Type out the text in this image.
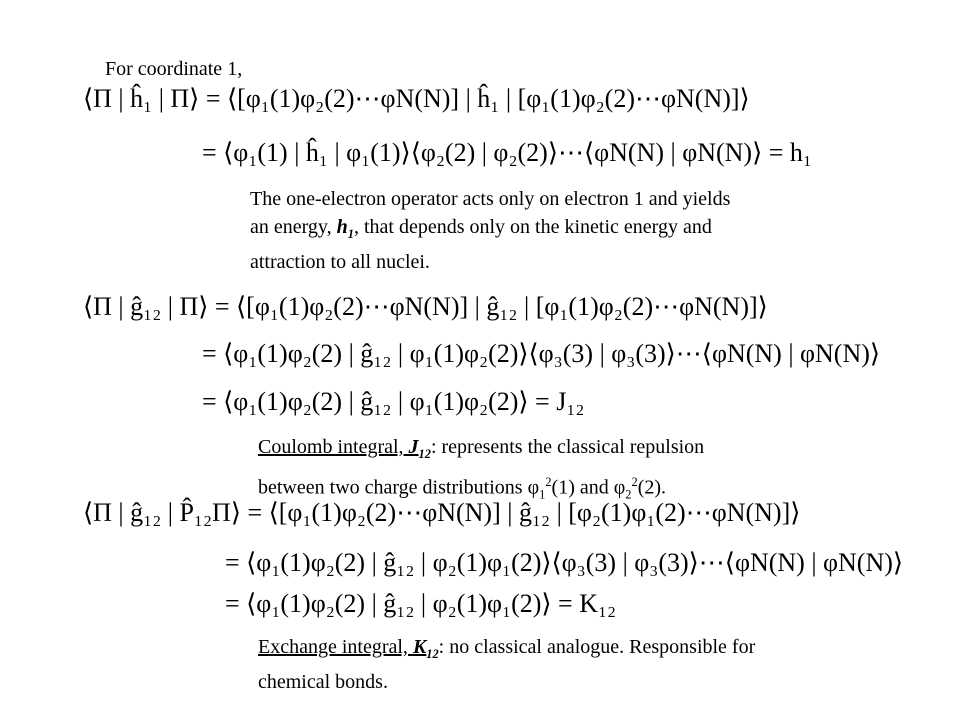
For coordinate 1,
⟨Π | ĥ₁ | Π⟩ = ⟨[φ₁(1)φ₂(2)⋯φN(N)] | ĥ₁ | [φ₁(1)φ₂(2)⋯φN(N)]⟩
= ⟨φ₁(1) | ĥ₁ | φ₁(1)⟩⟨φ₂(2) | φ₂(2)⟩⋯⟨φN(N) | φN(N)⟩ = h₁
The one-electron operator acts only on electron 1 and yields
an energy, $h_1$, that depends only on the kinetic energy and
attraction to all nuclei.
⟨Π | ĝ₁₂ | Π⟩ = ⟨[φ₁(1)φ₂(2)⋯φN(N)] | ĝ₁₂ | [φ₁(1)φ₂(2)⋯φN(N)]⟩
= ⟨φ₁(1)φ₂(2) | ĝ₁₂ | φ₁(1)φ₂(2)⟩⟨φ₃(3) | φ₃(3)⟩⋯⟨φN(N) | φN(N)⟩
= ⟨φ₁(1)φ₂(2) | ĝ₁₂ | φ₁(1)φ₂(2)⟩ = J₁₂
Coulomb integral, $J_{12}$: represents the classical repulsion
between two charge distributions $\varphi_1^2(1)$ and $\varphi_2^2(2)$.
⟨Π | ĝ₁₂ | P̂₁₂Π⟩ = ⟨[φ₁(1)φ₂(2)⋯φN(N)] | ĝ₁₂ | [φ₂(1)φ₁(2)⋯φN(N)]⟩
= ⟨φ₁(1)φ₂(2) | ĝ₁₂ | φ₂(1)φ₁(2)⟩⟨φ₃(3) | φ₃(3)⟩⋯⟨φN(N) | φN(N)⟩
= ⟨φ₁(1)φ₂(2) | ĝ₁₂ | φ₂(1)φ₁(2)⟩ = K₁₂
Exchange integral, $K_{12}$: no classical analogue. Responsible for
chemical bonds.
